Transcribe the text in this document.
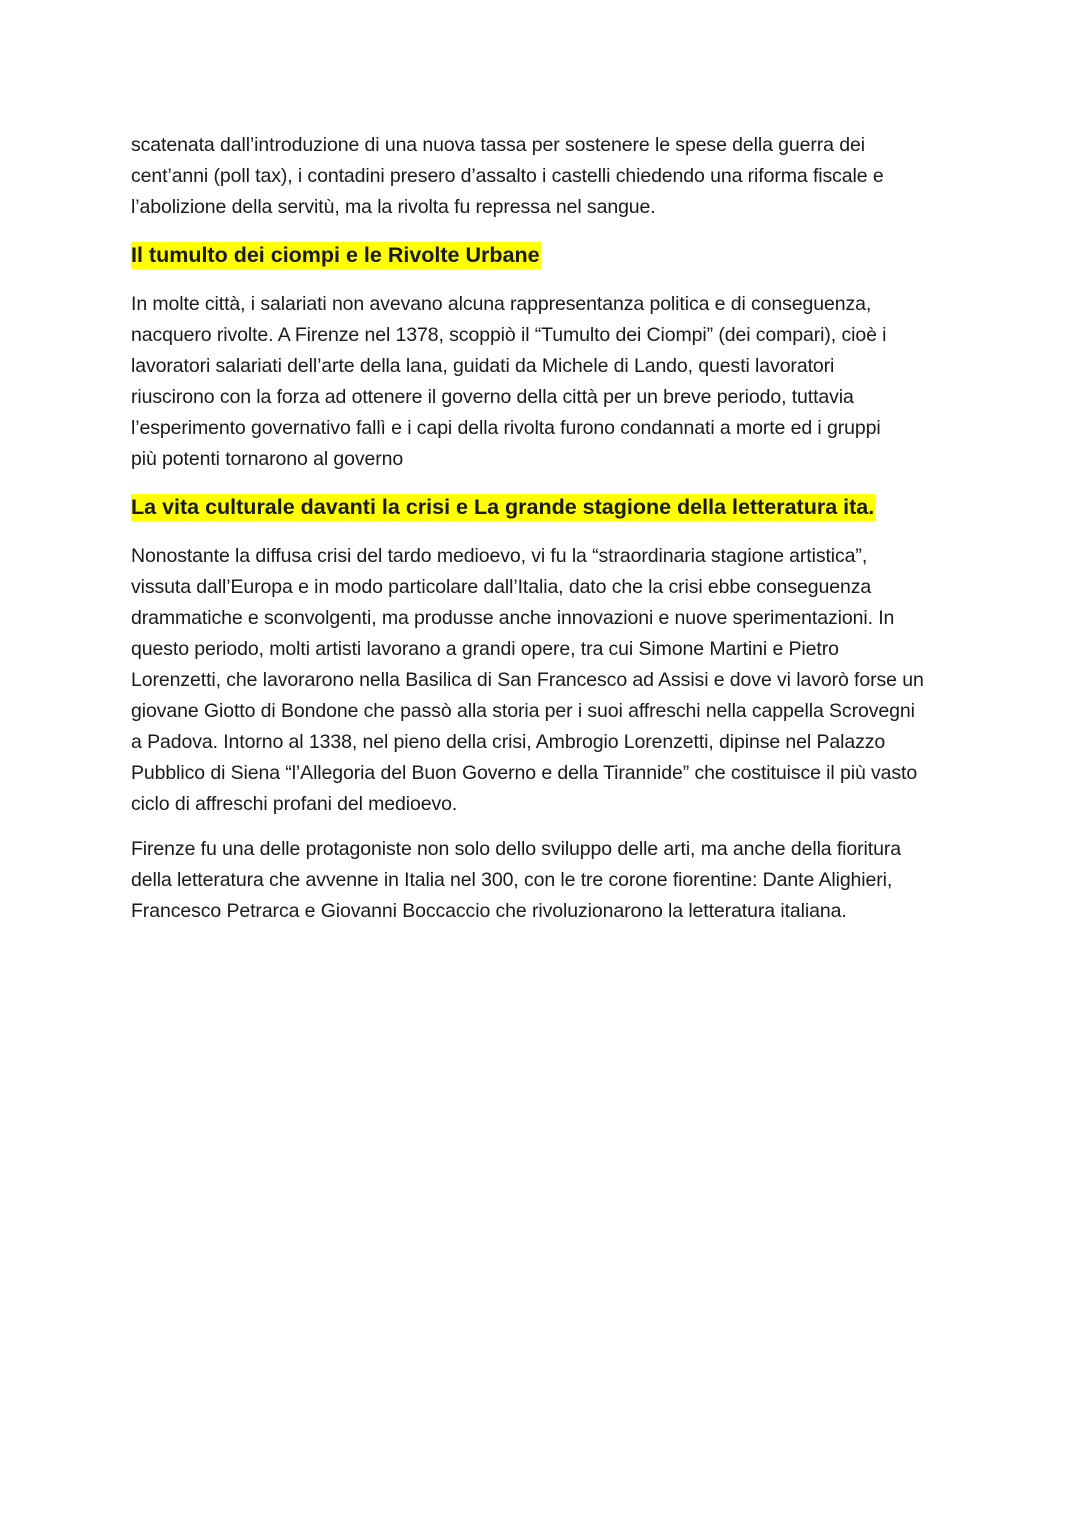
scatenata dall’introduzione di una nuova tassa per sostenere le spese della guerra dei
cent’anni (poll tax), i contadini presero d’assalto i castelli chiedendo una riforma fiscale e
l’abolizione della servitù, ma la rivolta fu repressa nel sangue.

Il tumulto dei ciompi e le Rivolte Urbane

In molte città, i salariati non avevano alcuna rappresentanza politica e di conseguenza,
nacquero rivolte. A Firenze nel 1378, scoppiò il “Tumulto dei Ciompi” (dei compari), cioè i
lavoratori salariati dell’arte della lana, guidati da Michele di Lando, questi lavoratori
riuscirono con la forza ad ottenere il governo della città per un breve periodo, tuttavia
l’esperimento governativo fallì e i capi della rivolta furono condannati a morte ed i gruppi
più potenti tornarono al governo

La vita culturale davanti la crisi e La grande stagione della letteratura ita.

Nonostante la diffusa crisi del tardo medioevo, vi fu la “straordinaria stagione artistica”,
vissuta dall’Europa e in modo particolare dall’Italia, dato che la crisi ebbe conseguenza
drammatiche e sconvolgenti, ma produsse anche innovazioni e nuove sperimentazioni. In
questo periodo, molti artisti lavorano a grandi opere, tra cui Simone Martini e Pietro
Lorenzetti, che lavorarono nella Basilica di San Francesco ad Assisi e dove vi lavorò forse un
giovane Giotto di Bondone che passò alla storia per i suoi affreschi nella cappella Scrovegni
a Padova. Intorno al 1338, nel pieno della crisi, Ambrogio Lorenzetti, dipinse nel Palazzo
Pubblico di Siena “l’Allegoria del Buon Governo e della Tirannide” che costituisce il più vasto
ciclo di affreschi profani del medioevo.

Firenze fu una delle protagoniste non solo dello sviluppo delle arti, ma anche della fioritura
della letteratura che avvenne in Italia nel 300, con le tre corone fiorentine: Dante Alighieri,
Francesco Petrarca e Giovanni Boccaccio che rivoluzionarono la letteratura italiana.
